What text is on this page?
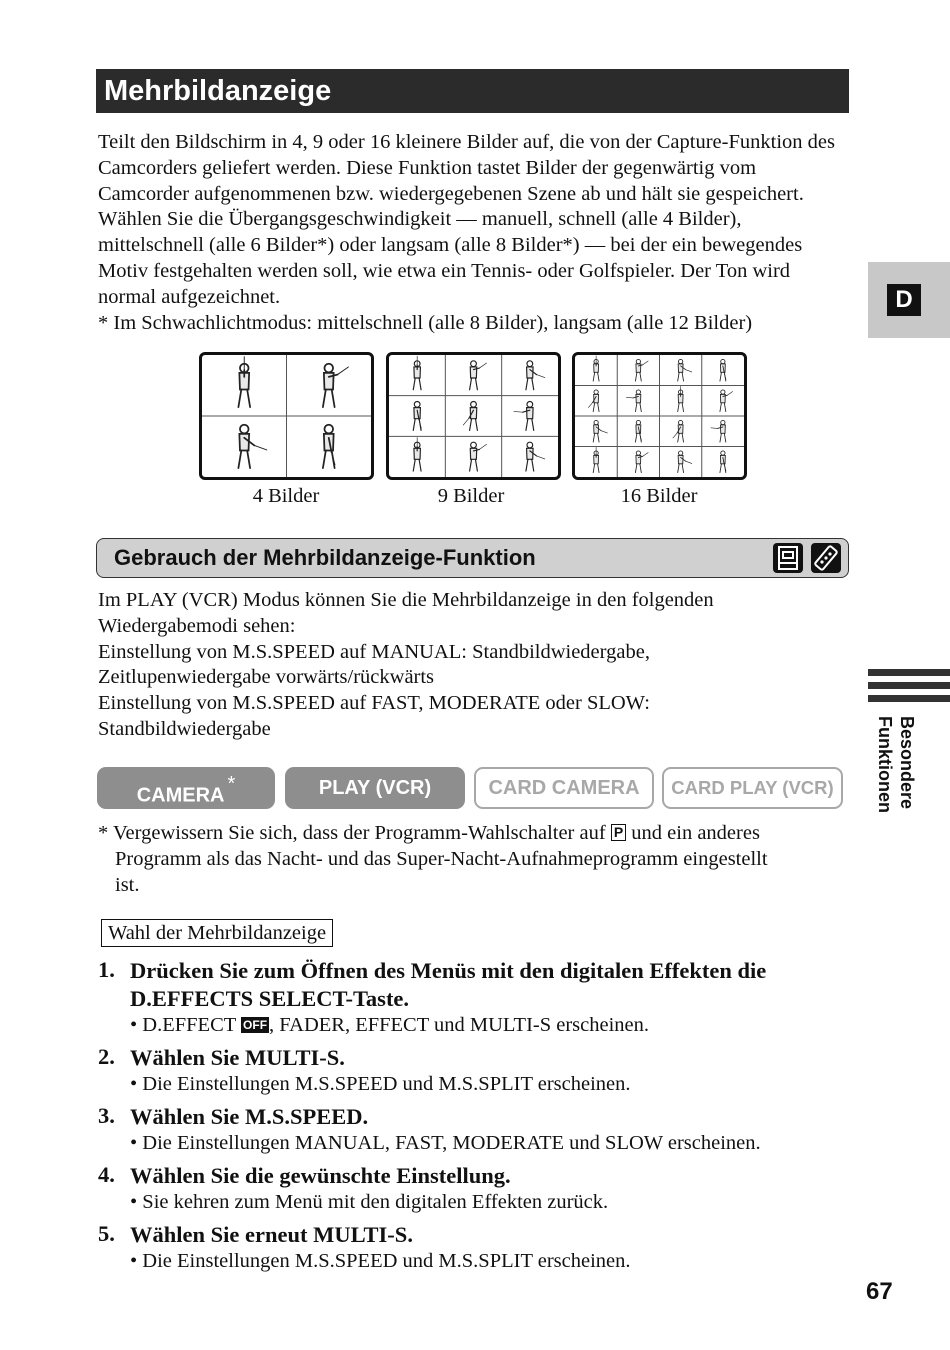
Mehrbildanzeige

Teilt den Bildschirm in 4, 9 oder 16 kleinere Bilder auf, die von der Capture-Funktion des Camcorders geliefert werden. Diese Funktion tastet Bilder der gegenwärtig vom Camcorder aufgenommenen bzw. wiedergegebenen Szene ab und hält sie gespeichert. Wählen Sie die Übergangsgeschwindigkeit — manuell, schnell (alle 4 Bilder), mittelschnell (alle 6 Bilder*) oder langsam (alle 8 Bilder*) — bei der ein bewegendes Motiv festgehalten werden soll, wie etwa ein Tennis- oder Golfspieler. Der Ton wird normal aufgezeichnet.

* Im Schwachlichtmodus: mittelschnell (alle 8 Bilder), langsam (alle 12 Bilder)

D
4 Bilder	9 Bilder	16 Bilder
Gebrauch der Mehrbildanzeige-Funktion

Im PLAY (VCR) Modus können Sie die Mehrbildanzeige in den folgenden

Wiedergabemodi sehen:

Einstellung von M.S.SPEED auf MANUAL: Standbildwiedergabe,

Zeitlupenwiedergabe vorwärts/rückwärts

Einstellung von M.S.SPEED auf FAST, MODERATE oder SLOW:

Standbildwiedergabe

CAMERA*	PLAY (VCR)	CARD CAMERA	CARD PLAY (VCR)	Besondere
Funktionen

* Vergewissern Sie sich, dass der Programm-Wahlschalter auf P und ein anderes

Programm als das Nacht- und das Super-Nacht-Aufnahmeprogramm eingestellt

ist.

Wahl der Mehrbildanzeige
1. Drücken Sie zum Öffnen des Menüs mit den digitalen Effekten die
D.EFFECTS SELECT-Taste.
• D.EFFECT OFF, FADER, EFFECT und MULTI-S erscheinen.
2. Wählen Sie MULTI-S.
• Die Einstellungen M.S.SPEED und M.S.SPLIT erscheinen.
3. Wählen Sie M.S.SPEED.
• Die Einstellungen MANUAL, FAST, MODERATE und SLOW erscheinen.
4. Wählen Sie die gewünschte Einstellung.
• Sie kehren zum Menü mit den digitalen Effekten zurück.
5. Wählen Sie erneut MULTI-S.
• Die Einstellungen M.S.SPEED und M.S.SPLIT erscheinen.
67
